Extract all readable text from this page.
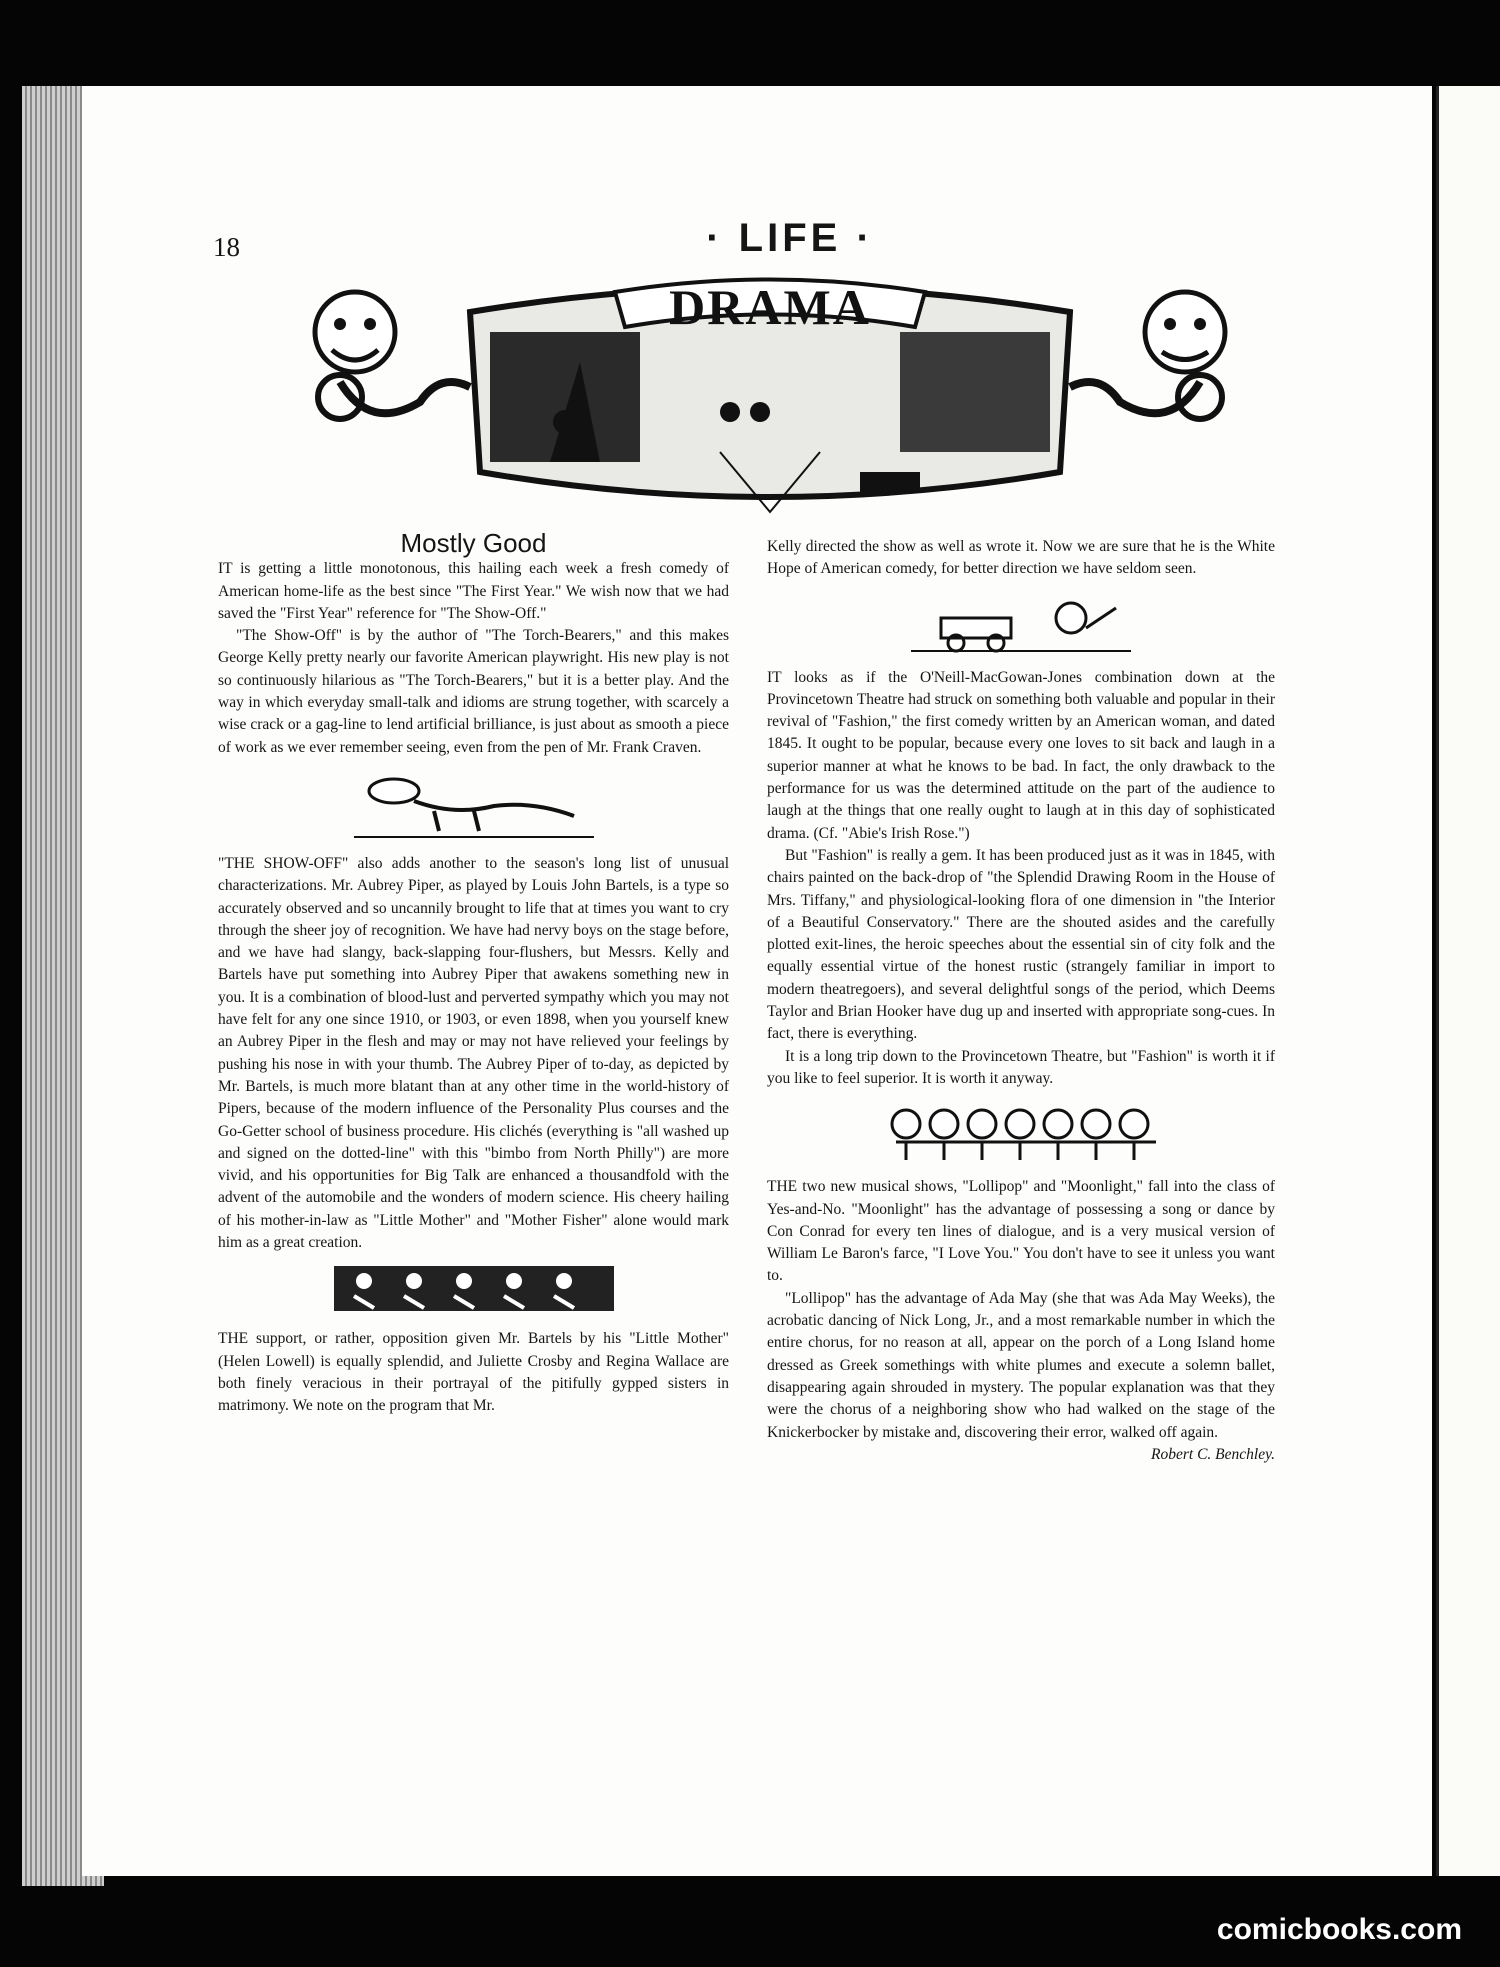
18	· LIFE ·
DRAMA
Mostly Good

IT is getting a little monotonous, this hailing each week a fresh comedy of American home-life as the best since "The First Year." We wish now that we had saved the "First Year" reference for "The Show-Off."

"The Show-Off" is by the author of "The Torch-Bearers," and this makes George Kelly pretty nearly our favorite American playwright. His new play is not so continuously hilarious as "The Torch-Bearers," but it is a better play. And the way in which everyday small-talk and idioms are strung together, with scarcely a wise crack or a gag-line to lend artificial brilliance, is just about as smooth a piece of work as we ever remember seeing, even from the pen of Mr. Frank Craven.

"THE SHOW-OFF" also adds another to the season's long list of unusual characterizations. Mr. Aubrey Piper, as played by Louis John Bartels, is a type so accurately observed and so uncannily brought to life that at times you want to cry through the sheer joy of recognition. We have had nervy boys on the stage before, and we have had slangy, back-slapping four-flushers, but Messrs. Kelly and Bartels have put something into Aubrey Piper that awakens something new in you. It is a combination of blood-lust and perverted sympathy which you may not have felt for any one since 1910, or 1903, or even 1898, when you yourself knew an Aubrey Piper in the flesh and may or may not have relieved your feelings by pushing his nose in with your thumb. The Aubrey Piper of to-day, as depicted by Mr. Bartels, is much more blatant than at any other time in the world-history of Pipers, because of the modern influence of the Personality Plus courses and the Go-Getter school of business procedure. His clichés (everything is "all washed up and signed on the dotted-line" with this "bimbo from North Philly") are more vivid, and his opportunities for Big Talk are enhanced a thousandfold with the advent of the automobile and the wonders of modern science. His cheery hailing of his mother-in-law as "Little Mother" and "Mother Fisher" alone would mark him as a great creation.

THE support, or rather, opposition given Mr. Bartels by his "Little Mother" (Helen Lowell) is equally splendid, and Juliette Crosby and Regina Wallace are both finely veracious in their portrayal of the pitifully gypped sisters in matrimony. We note on the program that Mr.

Kelly directed the show as well as wrote it. Now we are sure that he is the White Hope of American comedy, for better direction we have seldom seen.

IT looks as if the O'Neill-MacGowan-Jones combination down at the Provincetown Theatre had struck on something both valuable and popular in their revival of "Fashion," the first comedy written by an American woman, and dated 1845. It ought to be popular, because every one loves to sit back and laugh in a superior manner at what he knows to be bad. In fact, the only drawback to the performance for us was the determined attitude on the part of the audience to laugh at the things that one really ought to laugh at in this day of sophisticated drama. (Cf. "Abie's Irish Rose.")

But "Fashion" is really a gem. It has been produced just as it was in 1845, with chairs painted on the back-drop of "the Splendid Drawing Room in the House of Mrs. Tiffany," and physiological-looking flora of one dimension in "the Interior of a Beautiful Conservatory." There are the shouted asides and the carefully plotted exit-lines, the heroic speeches about the essential sin of city folk and the equally essential virtue of the honest rustic (strangely familiar in import to modern theatregoers), and several delightful songs of the period, which Deems Taylor and Brian Hooker have dug up and inserted with appropriate song-cues. In fact, there is everything.

It is a long trip down to the Provincetown Theatre, but "Fashion" is worth it if you like to feel superior. It is worth it anyway.

THE two new musical shows, "Lollipop" and "Moonlight," fall into the class of Yes-and-No. "Moonlight" has the advantage of possessing a song or dance by Con Conrad for every ten lines of dialogue, and is a very musical version of William Le Baron's farce, "I Love You." You don't have to see it unless you want to.

"Lollipop" has the advantage of Ada May (she that was Ada May Weeks), the acrobatic dancing of Nick Long, Jr., and a most remarkable number in which the entire chorus, for no reason at all, appear on the porch of a Long Island home dressed as Greek somethings with white plumes and execute a solemn ballet, disappearing again shrouded in mystery. The popular explanation was that they were the chorus of a neighboring show who had walked on the stage of the Knickerbocker by mistake and, discovering their error, walked off again.

Robert C. Benchley.
comicbooks.com
